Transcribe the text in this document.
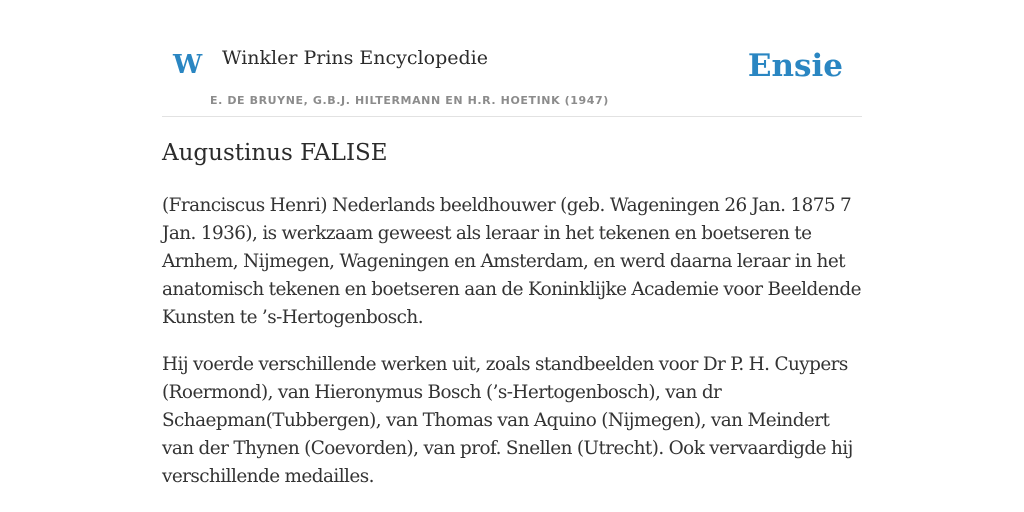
W Winkler Prins Encyclopedie
E. DE BRUYNE, G.B.J. HILTERMANN EN H.R. HOETINK (1947)
Ensie
Augustinus FALISE

(Franciscus Henri) Nederlands beeldhouwer (geb. Wageningen 26 Jan. 1875 7 Jan. 1936), is werkzaam geweest als leraar in het tekenen en boetseren te Arnhem, Nijmegen, Wageningen en Amsterdam, en werd daarna leraar in het anatomisch tekenen en boetseren aan de Koninklijke Academie voor Beeldende Kunsten te ’s-Hertogenbosch.

Hij voerde verschillende werken uit, zoals standbeelden voor Dr P. H. Cuypers (Roermond), van Hieronymus Bosch (’s-Hertogenbosch), van dr Schaepman(Tubbergen), van Thomas van Aquino (Nijmegen), van Meindert van der Thynen (Coevorden), van prof. Snellen (Utrecht). Ook vervaardigde hij verschillende medailles.
